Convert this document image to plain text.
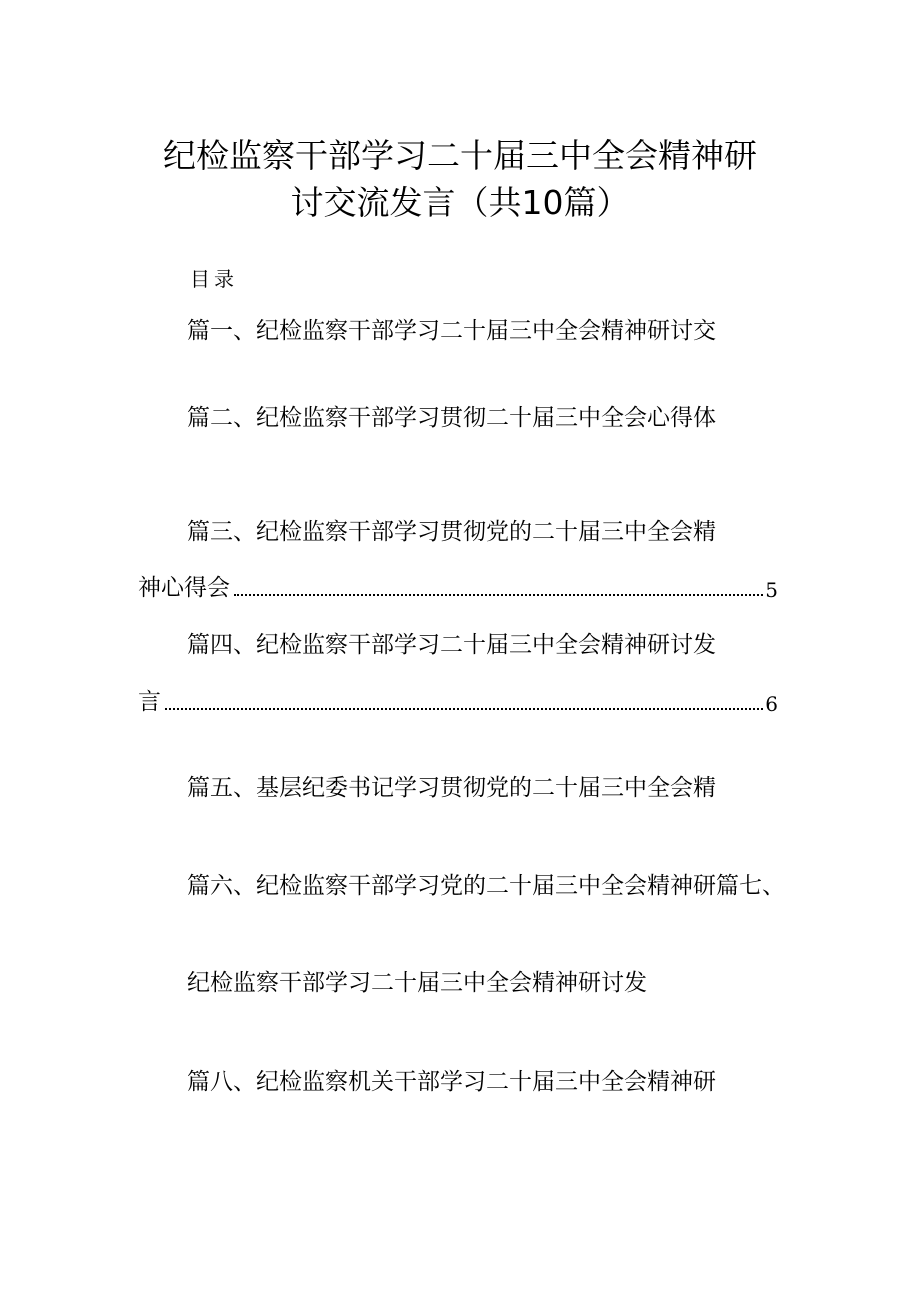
纪检监察干部学习二十届三中全会精神研
讨交流发言（共10篇）
目录
篇一、纪检监察干部学习二十届三中全会精神研讨交
篇二、纪检监察干部学习贯彻二十届三中全会心得体
篇三、纪检监察干部学习贯彻党的二十届三中全会精
神心得会	5
篇四、纪检监察干部学习二十届三中全会精神研讨发
言	6
篇五、基层纪委书记学习贯彻党的二十届三中全会精
篇六、纪检监察干部学习党的二十届三中全会精神研篇七、
纪检监察干部学习二十届三中全会精神研讨发
篇八、纪检监察机关干部学习二十届三中全会精神研
